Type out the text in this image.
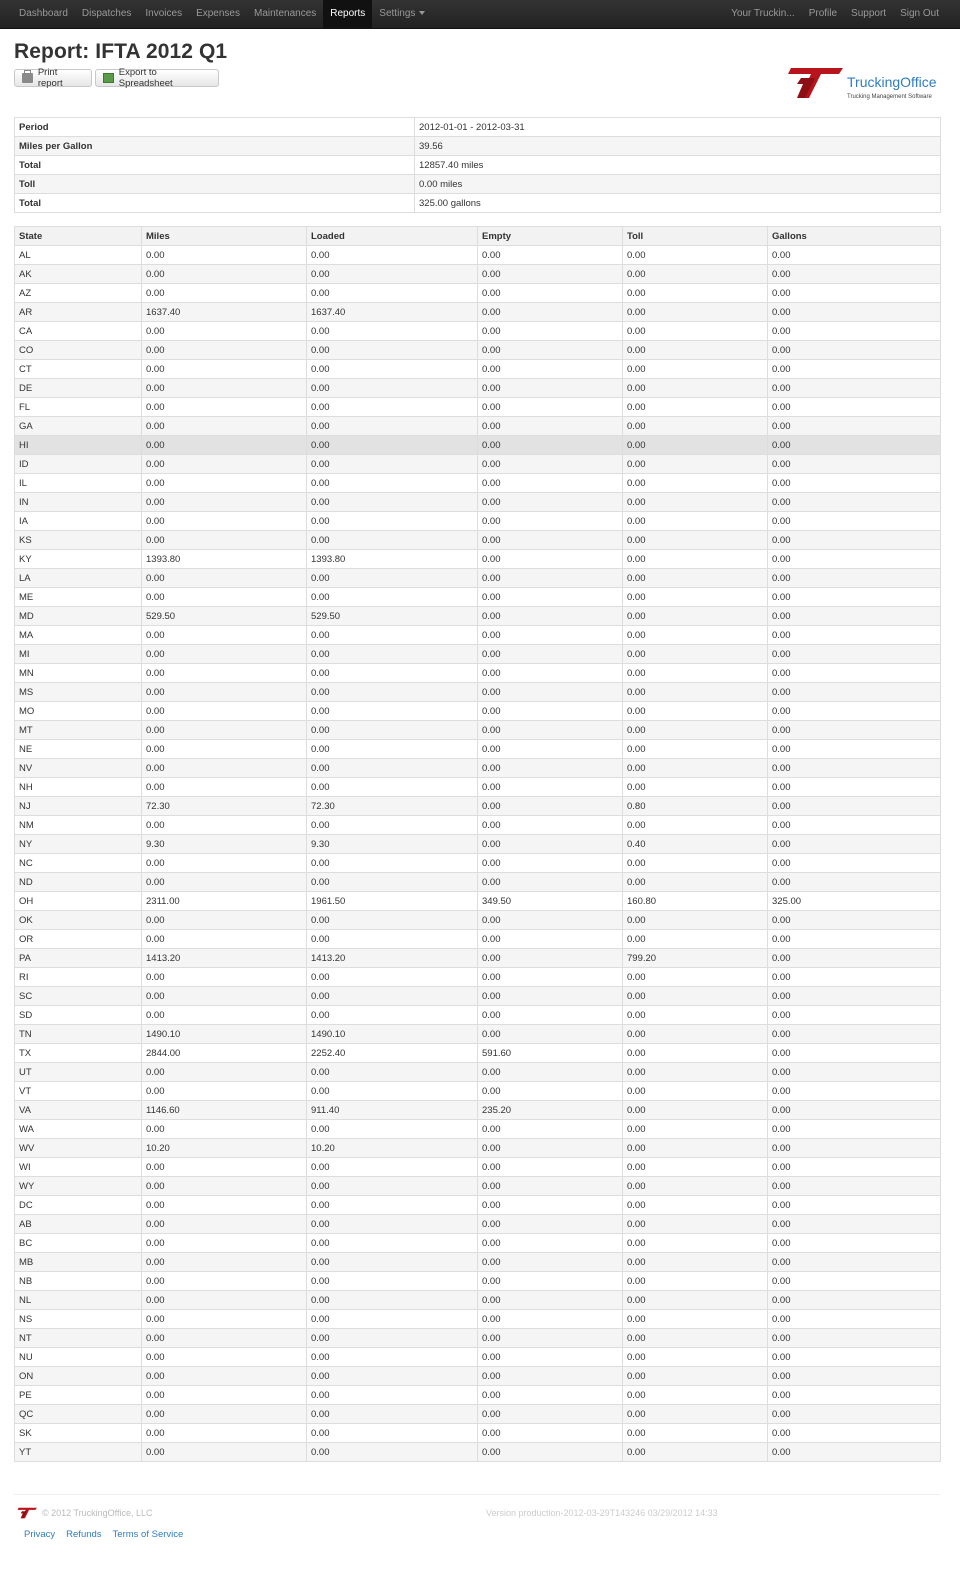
Dashboard	Dispatches	Invoices	Expenses	Maintenances	Reports	Settings	Your Truckin...	Profile	Support	Sign Out
Report: IFTA 2012 Q1
Print report
Export to Spreadsheet	TruckingOffice
Trucking Management Software
Period	2012-01-01 - 2012-03-31
Miles per Gallon	39.56
Total	12857.40 miles
Toll	0.00 miles
Total	325.00 gallons
State	Miles	Loaded	Empty	Toll	Gallons
AL	0.00	0.00	0.00	0.00	0.00
AK	0.00	0.00	0.00	0.00	0.00
AZ	0.00	0.00	0.00	0.00	0.00
AR	1637.40	1637.40	0.00	0.00	0.00
CA	0.00	0.00	0.00	0.00	0.00
CO	0.00	0.00	0.00	0.00	0.00
CT	0.00	0.00	0.00	0.00	0.00
DE	0.00	0.00	0.00	0.00	0.00
FL	0.00	0.00	0.00	0.00	0.00
GA	0.00	0.00	0.00	0.00	0.00
HI	0.00	0.00	0.00	0.00	0.00
ID	0.00	0.00	0.00	0.00	0.00
IL	0.00	0.00	0.00	0.00	0.00
IN	0.00	0.00	0.00	0.00	0.00
IA	0.00	0.00	0.00	0.00	0.00
KS	0.00	0.00	0.00	0.00	0.00
KY	1393.80	1393.80	0.00	0.00	0.00
LA	0.00	0.00	0.00	0.00	0.00
ME	0.00	0.00	0.00	0.00	0.00
MD	529.50	529.50	0.00	0.00	0.00
MA	0.00	0.00	0.00	0.00	0.00
MI	0.00	0.00	0.00	0.00	0.00
MN	0.00	0.00	0.00	0.00	0.00
MS	0.00	0.00	0.00	0.00	0.00
MO	0.00	0.00	0.00	0.00	0.00
MT	0.00	0.00	0.00	0.00	0.00
NE	0.00	0.00	0.00	0.00	0.00
NV	0.00	0.00	0.00	0.00	0.00
NH	0.00	0.00	0.00	0.00	0.00
NJ	72.30	72.30	0.00	0.80	0.00
NM	0.00	0.00	0.00	0.00	0.00
NY	9.30	9.30	0.00	0.40	0.00
NC	0.00	0.00	0.00	0.00	0.00
ND	0.00	0.00	0.00	0.00	0.00
OH	2311.00	1961.50	349.50	160.80	325.00
OK	0.00	0.00	0.00	0.00	0.00
OR	0.00	0.00	0.00	0.00	0.00
PA	1413.20	1413.20	0.00	799.20	0.00
RI	0.00	0.00	0.00	0.00	0.00
SC	0.00	0.00	0.00	0.00	0.00
SD	0.00	0.00	0.00	0.00	0.00
TN	1490.10	1490.10	0.00	0.00	0.00
TX	2844.00	2252.40	591.60	0.00	0.00
UT	0.00	0.00	0.00	0.00	0.00
VT	0.00	0.00	0.00	0.00	0.00
VA	1146.60	911.40	235.20	0.00	0.00
WA	0.00	0.00	0.00	0.00	0.00
WV	10.20	10.20	0.00	0.00	0.00
WI	0.00	0.00	0.00	0.00	0.00
WY	0.00	0.00	0.00	0.00	0.00
DC	0.00	0.00	0.00	0.00	0.00
AB	0.00	0.00	0.00	0.00	0.00
BC	0.00	0.00	0.00	0.00	0.00
MB	0.00	0.00	0.00	0.00	0.00
NB	0.00	0.00	0.00	0.00	0.00
NL	0.00	0.00	0.00	0.00	0.00
NS	0.00	0.00	0.00	0.00	0.00
NT	0.00	0.00	0.00	0.00	0.00
NU	0.00	0.00	0.00	0.00	0.00
ON	0.00	0.00	0.00	0.00	0.00
PE	0.00	0.00	0.00	0.00	0.00
QC	0.00	0.00	0.00	0.00	0.00
SK	0.00	0.00	0.00	0.00	0.00
YT	0.00	0.00	0.00	0.00	0.00
© 2012 TruckingOffice, LLC	Version production-2012-03-29T143246 03/29/2012 14:33
Privacy Refunds Terms of Service
